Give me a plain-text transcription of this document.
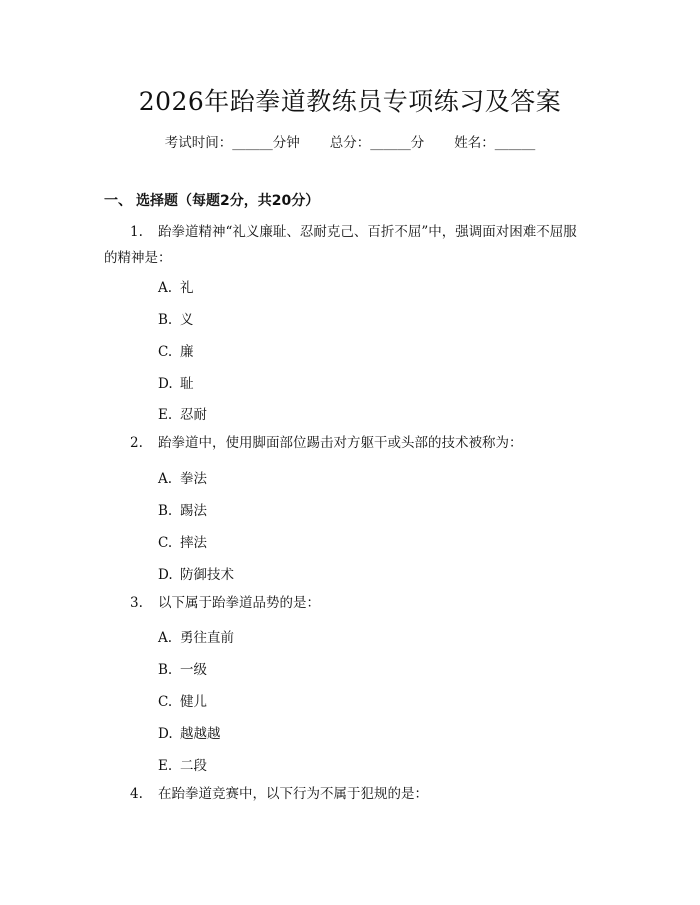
2026年跆拳道教练员专项练习及答案
考试时间：______分钟 总分：______分 姓名：______
一、 选择题（每题2分，共20分）
1. 跆拳道精神“礼义廉耻、忍耐克己、百折不屈”中，强调面对困难不屈服
的精神是：
A. 礼
B. 义
C. 廉
D. 耻
E. 忍耐
2. 跆拳道中，使用脚面部位踢击对方躯干或头部的技术被称为：
A. 拳法
B. 踢法
C. 摔法
D. 防御技术
3. 以下属于跆拳道品势的是：
A. 勇往直前
B. 一级
C. 健儿
D. 越越越
E. 二段
4. 在跆拳道竞赛中，以下行为不属于犯规的是：
